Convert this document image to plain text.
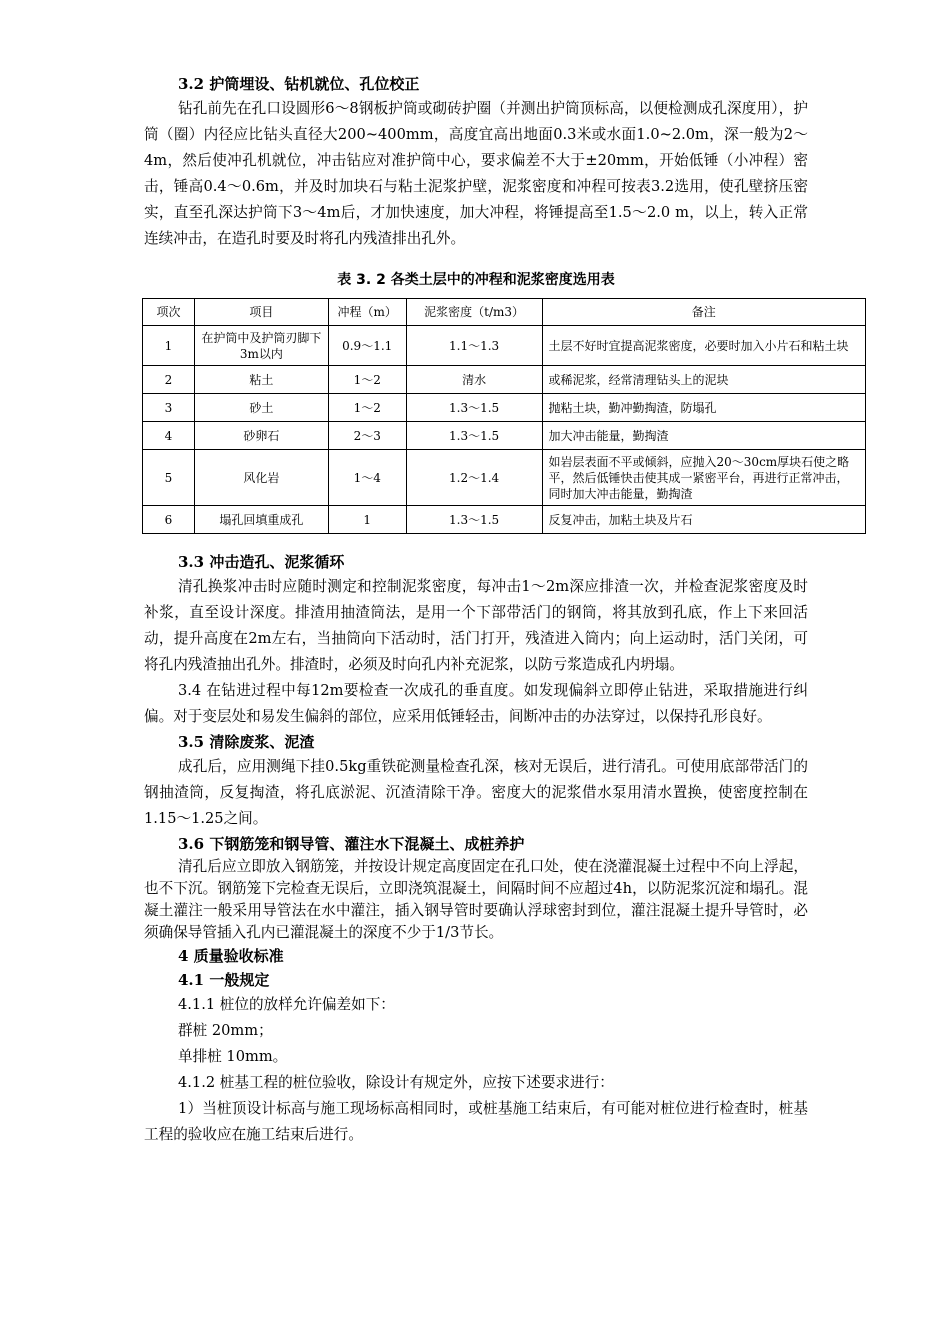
3.2 护筒埋设、钻机就位、孔位校正

钻孔前先在孔口设圆形6～8钢板护筒或砌砖护圈（并测出护筒顶标高，以便检测成孔深度用），护筒（圈）内径应比钻头直径大200~400mm，高度宜高出地面0.3米或水面1.0~2.0m，深一般为2～4m，然后使冲孔机就位，冲击钻应对准护筒中心，要求偏差不大于±20mm，开始低锤（小冲程）密击，锤高0.4～0.6m，并及时加块石与粘土泥浆护壁，泥浆密度和冲程可按表3.2选用，使孔壁挤压密实，直至孔深达护筒下3～4m后，才加快速度，加大冲程，将锤提高至1.5～2.0 m，以上，转入正常连续冲击，在造孔时要及时将孔内残渣排出孔外。

表 3. 2 各类土层中的冲程和泥浆密度选用表
项次	项目	冲程（m）	泥浆密度（t/m3）	备注
1	在护筒中及护筒刃脚下3m以内	0.9～1.1	1.1～1.3	土层不好时宜提高泥浆密度，必要时加入小片石和粘土块
2	粘土	1～2	清水	或稀泥浆，经常清理钻头上的泥块
3	砂土	1～2	1.3～1.5	抛粘土块，勤冲勤掏渣，防塌孔
4	砂卵石	2～3	1.3～1.5	加大冲击能量，勤掏渣
5	风化岩	1～4	1.2～1.4	如岩层表面不平或倾斜，应抛入20～30cm厚块石使之略平，然后低锤快击使其成一紧密平台，再进行正常冲击，同时加大冲击能量，勤掏渣
6	塌孔回填重成孔	1	1.3～1.5	反复冲击，加粘土块及片石

3.3 冲击造孔、泥浆循环

清孔换浆冲击时应随时测定和控制泥浆密度，每冲击1～2m深应排渣一次，并检查泥浆密度及时补浆，直至设计深度。排渣用抽渣筒法，是用一个下部带活门的钢筒，将其放到孔底，作上下来回活动，提升高度在2m左右，当抽筒向下活动时，活门打开，残渣进入筒内；向上运动时，活门关闭，可将孔内残渣抽出孔外。排渣时，必须及时向孔内补充泥浆，以防亏浆造成孔内坍塌。

3.4 在钻进过程中每12m要检查一次成孔的垂直度。如发现偏斜立即停止钻进，采取措施进行纠偏。对于变层处和易发生偏斜的部位，应采用低锤轻击，间断冲击的办法穿过，以保持孔形良好。

3.5 清除废浆、泥渣

成孔后，应用测绳下挂0.5kg重铁砣测量检查孔深，核对无误后，进行清孔。可使用底部带活门的钢抽渣筒，反复掏渣，将孔底淤泥、沉渣清除干净。密度大的泥浆借水泵用清水置换，使密度控制在1.15～1.25之间。

3.6 下钢筋笼和钢导管、灌注水下混凝土、成桩养护

清孔后应立即放入钢筋笼，并按设计规定高度固定在孔口处，使在浇灌混凝土过程中不向上浮起，也不下沉。钢筋笼下完检查无误后，立即浇筑混凝土，间隔时间不应超过4h，以防泥浆沉淀和塌孔。混凝土灌注一般采用导管法在水中灌注，插入钢导管时要确认浮球密封到位，灌注混凝土提升导管时，必须确保导管插入孔内已灌混凝土的深度不少于1/3节长。

4 质量验收标准

4.1 一般规定

4.1.1 桩位的放样允许偏差如下：

群桩 20mm；

单排桩 10mm。

4.1.2 桩基工程的桩位验收，除设计有规定外，应按下述要求进行：

1）当桩顶设计标高与施工现场标高相同时，或桩基施工结束后，有可能对桩位进行检查时，桩基工程的验收应在施工结束后进行。
